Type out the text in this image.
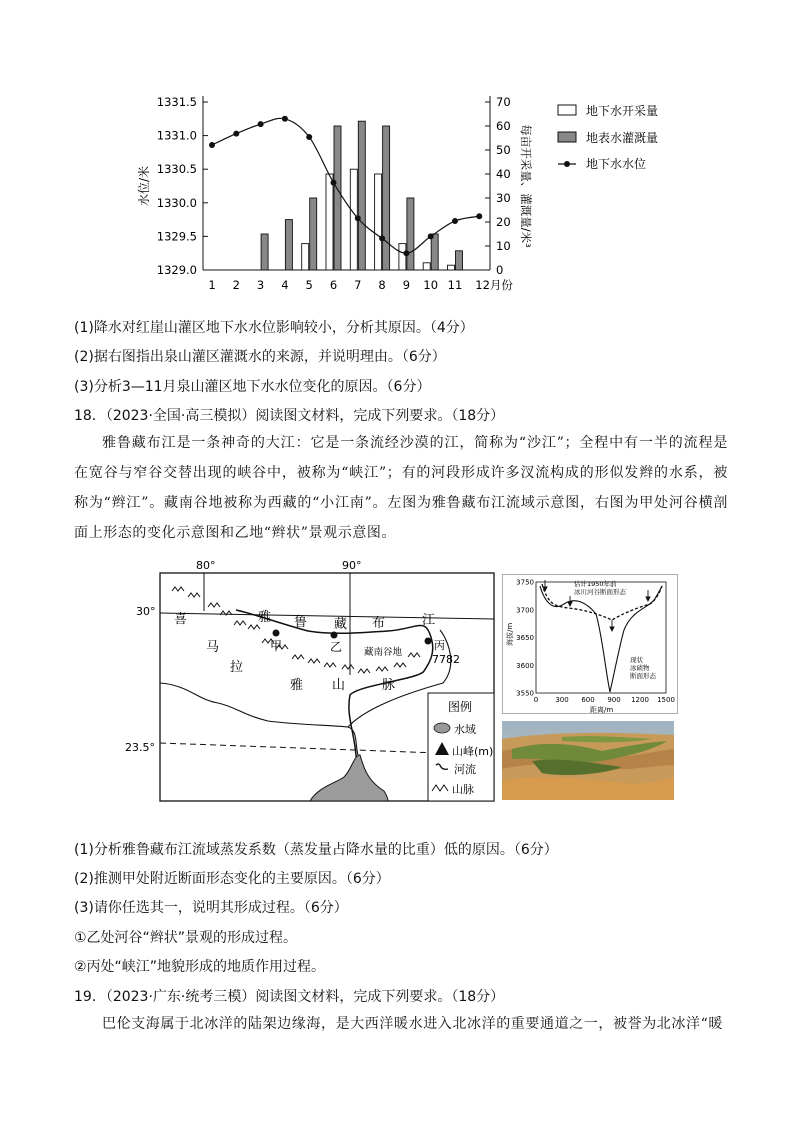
1331.5
1331.0
1330.5
1330.0
1329.5
1329.0
70
60
50
40
30
20
10
0
1 2 3 4 5 6 7 8 9 10 11 12月份
水位/米	每亩开采量、灌溉量/米³
地下水开采量
地表水灌溉量
地下水水位
(1)降水对红崖山灌区地下水水位影响较小，分析其原因。（4分）
(2)据右图指出泉山灌区灌溉水的来源，并说明理由。（6分）
(3)分析3—11月泉山灌区地下水水位变化的原因。（6分）
18．（2023·全国·高三模拟）阅读图文材料，完成下列要求。（18分）
雅鲁藏布江是一条神奇的大江：它是一条流经沙漠的江，简称为“沙江”；全程中有一半的流程是在宽谷与窄谷交替出现的峡谷中，被称为“峡江”；有的河段形成许多汊流构成的形似发辫的水系，被称为“辫江”。藏南谷地被称为西藏的“小江南”。左图为雅鲁藏布江流域示意图，右图为甲处河谷横剖面上形态的变化示意图和乙地“辫状”景观示意图。
80°	90°
30°
23.5°
雅 鲁 藏 布	江
喜
马
拉
雅 山	脉
甲	乙	丙
7782
藏南谷地
图例
水域
山峰(m)
河流
山脉
3750
3700
3650
3600
3550
0 300 600 900 1200 1500
海拔/m
距离/m
估计1950年前
冰川河谷断面形态
现状
冰碛物
断面形态
(1)分析雅鲁藏布江流域蒸发系数（蒸发量占降水量的比重）低的原因。（6分）
(2)推测甲处附近断面形态变化的主要原因。（6分）
(3)请你任选其一，说明其形成过程。（6分）
①乙处河谷“辫状”景观的形成过程。
②丙处“峡江”地貌形成的地质作用过程。
19．（2023·广东·统考三模）阅读图文材料，完成下列要求。（18分）
巴伦支海属于北冰洋的陆架边缘海，是大西洋暖水进入北冰洋的重要通道之一，被誉为北冰洋“暖
